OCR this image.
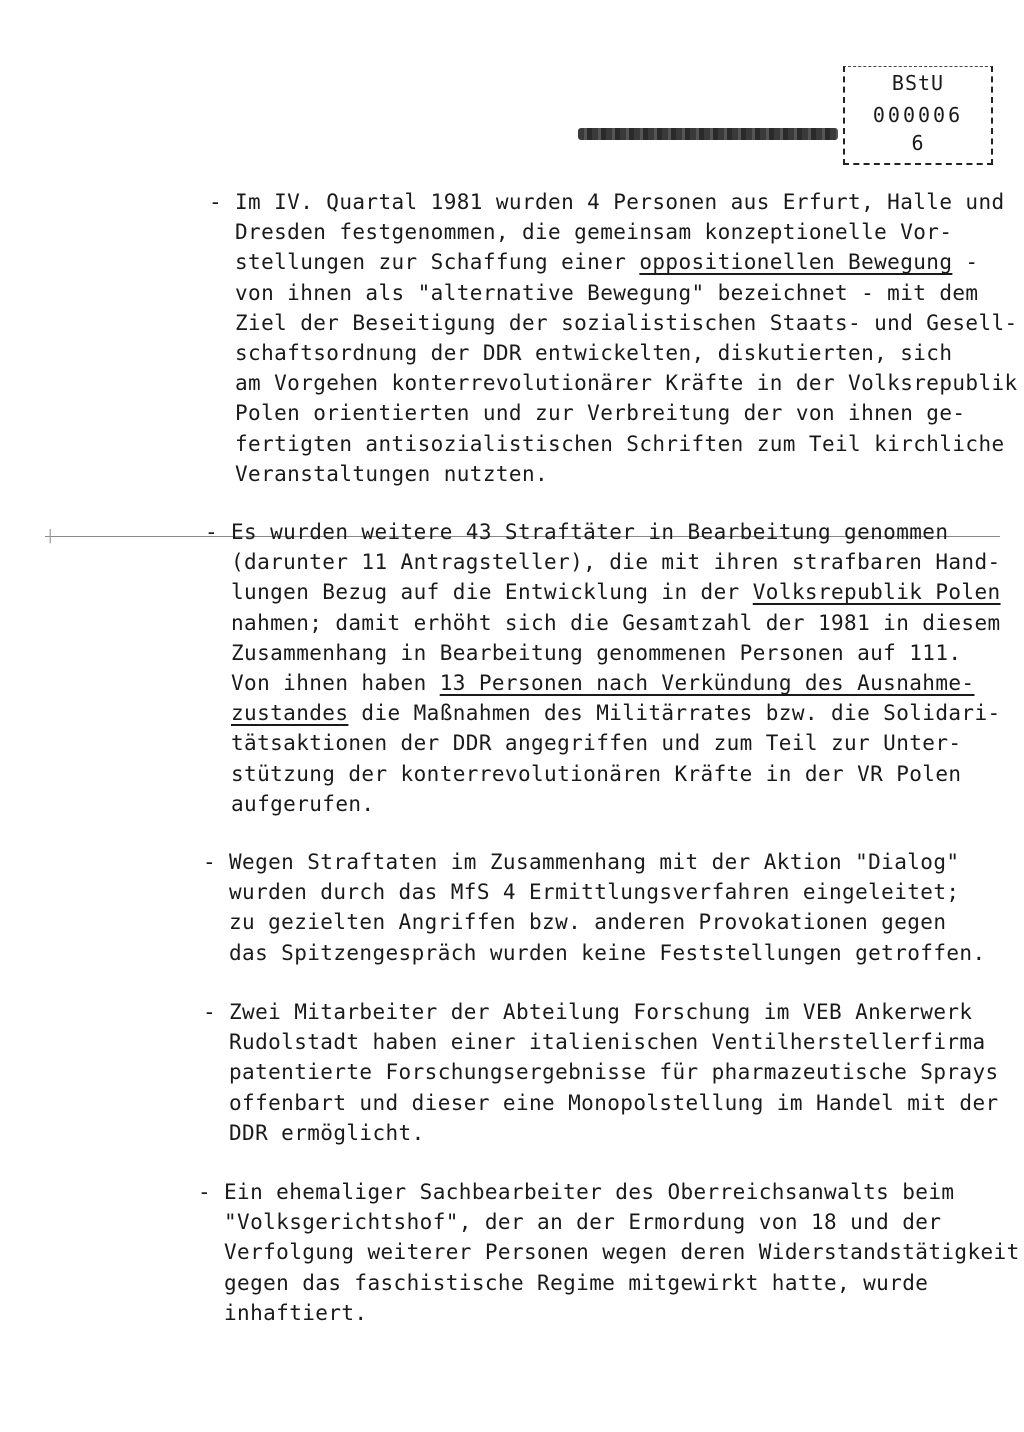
BStU
000006
6
|
- Im IV. Quartal 1981 wurden 4 Personen aus Erfurt, Halle und

Dresden festgenommen, die gemeinsam konzeptionelle Vor-

stellungen zur Schaffung einer oppositionellen Bewegung -

von ihnen als "alternative Bewegung" bezeichnet - mit dem

Ziel der Beseitigung der sozialistischen Staats- und Gesell-

schaftsordnung der DDR entwickelten, diskutierten, sich

am Vorgehen konterrevolutionärer Kräfte in der Volksrepublik

Polen orientierten und zur Verbreitung der von ihnen ge-

fertigten antisozialistischen Schriften zum Teil kirchliche

Veranstaltungen nutzten.

- Es wurden weitere 43 Straftäter in Bearbeitung genommen

(darunter 11 Antragsteller), die mit ihren strafbaren Hand-

lungen Bezug auf die Entwicklung in der Volksrepublik Polen

nahmen; damit erhöht sich die Gesamtzahl der 1981 in diesem

Zusammenhang in Bearbeitung genommenen Personen auf 111.

Von ihnen haben 13 Personen nach Verkündung des Ausnahme-

zustandes die Maßnahmen des Militärrates bzw. die Solidari-

tätsaktionen der DDR angegriffen und zum Teil zur Unter-

stützung der konterrevolutionären Kräfte in der VR Polen

aufgerufen.

- Wegen Straftaten im Zusammenhang mit der Aktion "Dialog"

wurden durch das MfS 4 Ermittlungsverfahren eingeleitet;

zu gezielten Angriffen bzw. anderen Provokationen gegen

das Spitzengespräch wurden keine Feststellungen getroffen.

- Zwei Mitarbeiter der Abteilung Forschung im VEB Ankerwerk

Rudolstadt haben einer italienischen Ventilherstellerfirma

patentierte Forschungsergebnisse für pharmazeutische Sprays

offenbart und dieser eine Monopolstellung im Handel mit der

DDR ermöglicht.

- Ein ehemaliger Sachbearbeiter des Oberreichsanwalts beim

"Volksgerichtshof", der an der Ermordung von 18 und der

Verfolgung weiterer Personen wegen deren Widerstandstätigkeit

gegen das faschistische Regime mitgewirkt hatte, wurde

inhaftiert.
